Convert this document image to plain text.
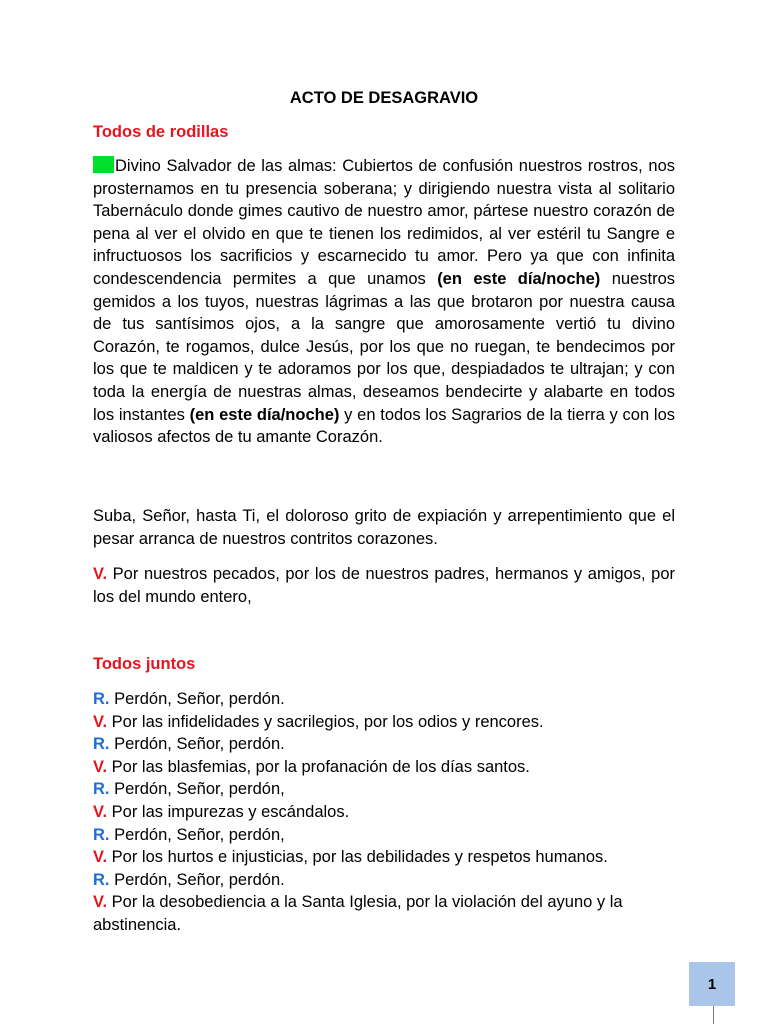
ACTO DE DESAGRAVIO
Todos de rodillas

Divino Salvador de las almas: Cubiertos de confusión nuestros rostros, nos prosternamos en tu presencia soberana; y dirigiendo nuestra vista al solitario Tabernáculo donde gimes cautivo de nuestro amor, pártese nuestro corazón de pena al ver el olvido en que te tienen los redimidos, al ver estéril tu Sangre e infructuosos los sacrificios y escarnecido tu amor. Pero ya que con infinita condescendencia permites a que unamos (en este día/noche) nuestros gemidos a los tuyos, nuestras lágrimas a las que brotaron por nuestra causa de tus santísimos ojos, a la sangre que amorosamente vertió tu divino Corazón, te rogamos, dulce Jesús, por los que no ruegan, te bendecimos por los que te maldicen y te adoramos por los que, despiadados te ultrajan; y con toda la energía de nuestras almas, deseamos bendecirte y alabarte en todos los instantes (en este día/noche) y en todos los Sagrarios de la tierra y con los valiosos afectos de tu amante Corazón.

Suba, Señor, hasta Ti, el doloroso grito de expiación y arrepentimiento que el pesar arranca de nuestros contritos corazones.

V. Por nuestros pecados, por los de nuestros padres, hermanos y amigos, por los del mundo entero,

Todos juntos
R. Perdón, Señor, perdón.
V. Por las infidelidades y sacrilegios, por los odios y rencores.
R. Perdón, Señor, perdón.
V. Por las blasfemias, por la profanación de los días santos.
R. Perdón, Señor, perdón,
V. Por las impurezas y escándalos.
R. Perdón, Señor, perdón,
V. Por los hurtos e injusticias, por las debilidades y respetos humanos.
R. Perdón, Señor, perdón.
V. Por la desobediencia a la Santa Iglesia, por la violación del ayuno y la abstinencia.
1
